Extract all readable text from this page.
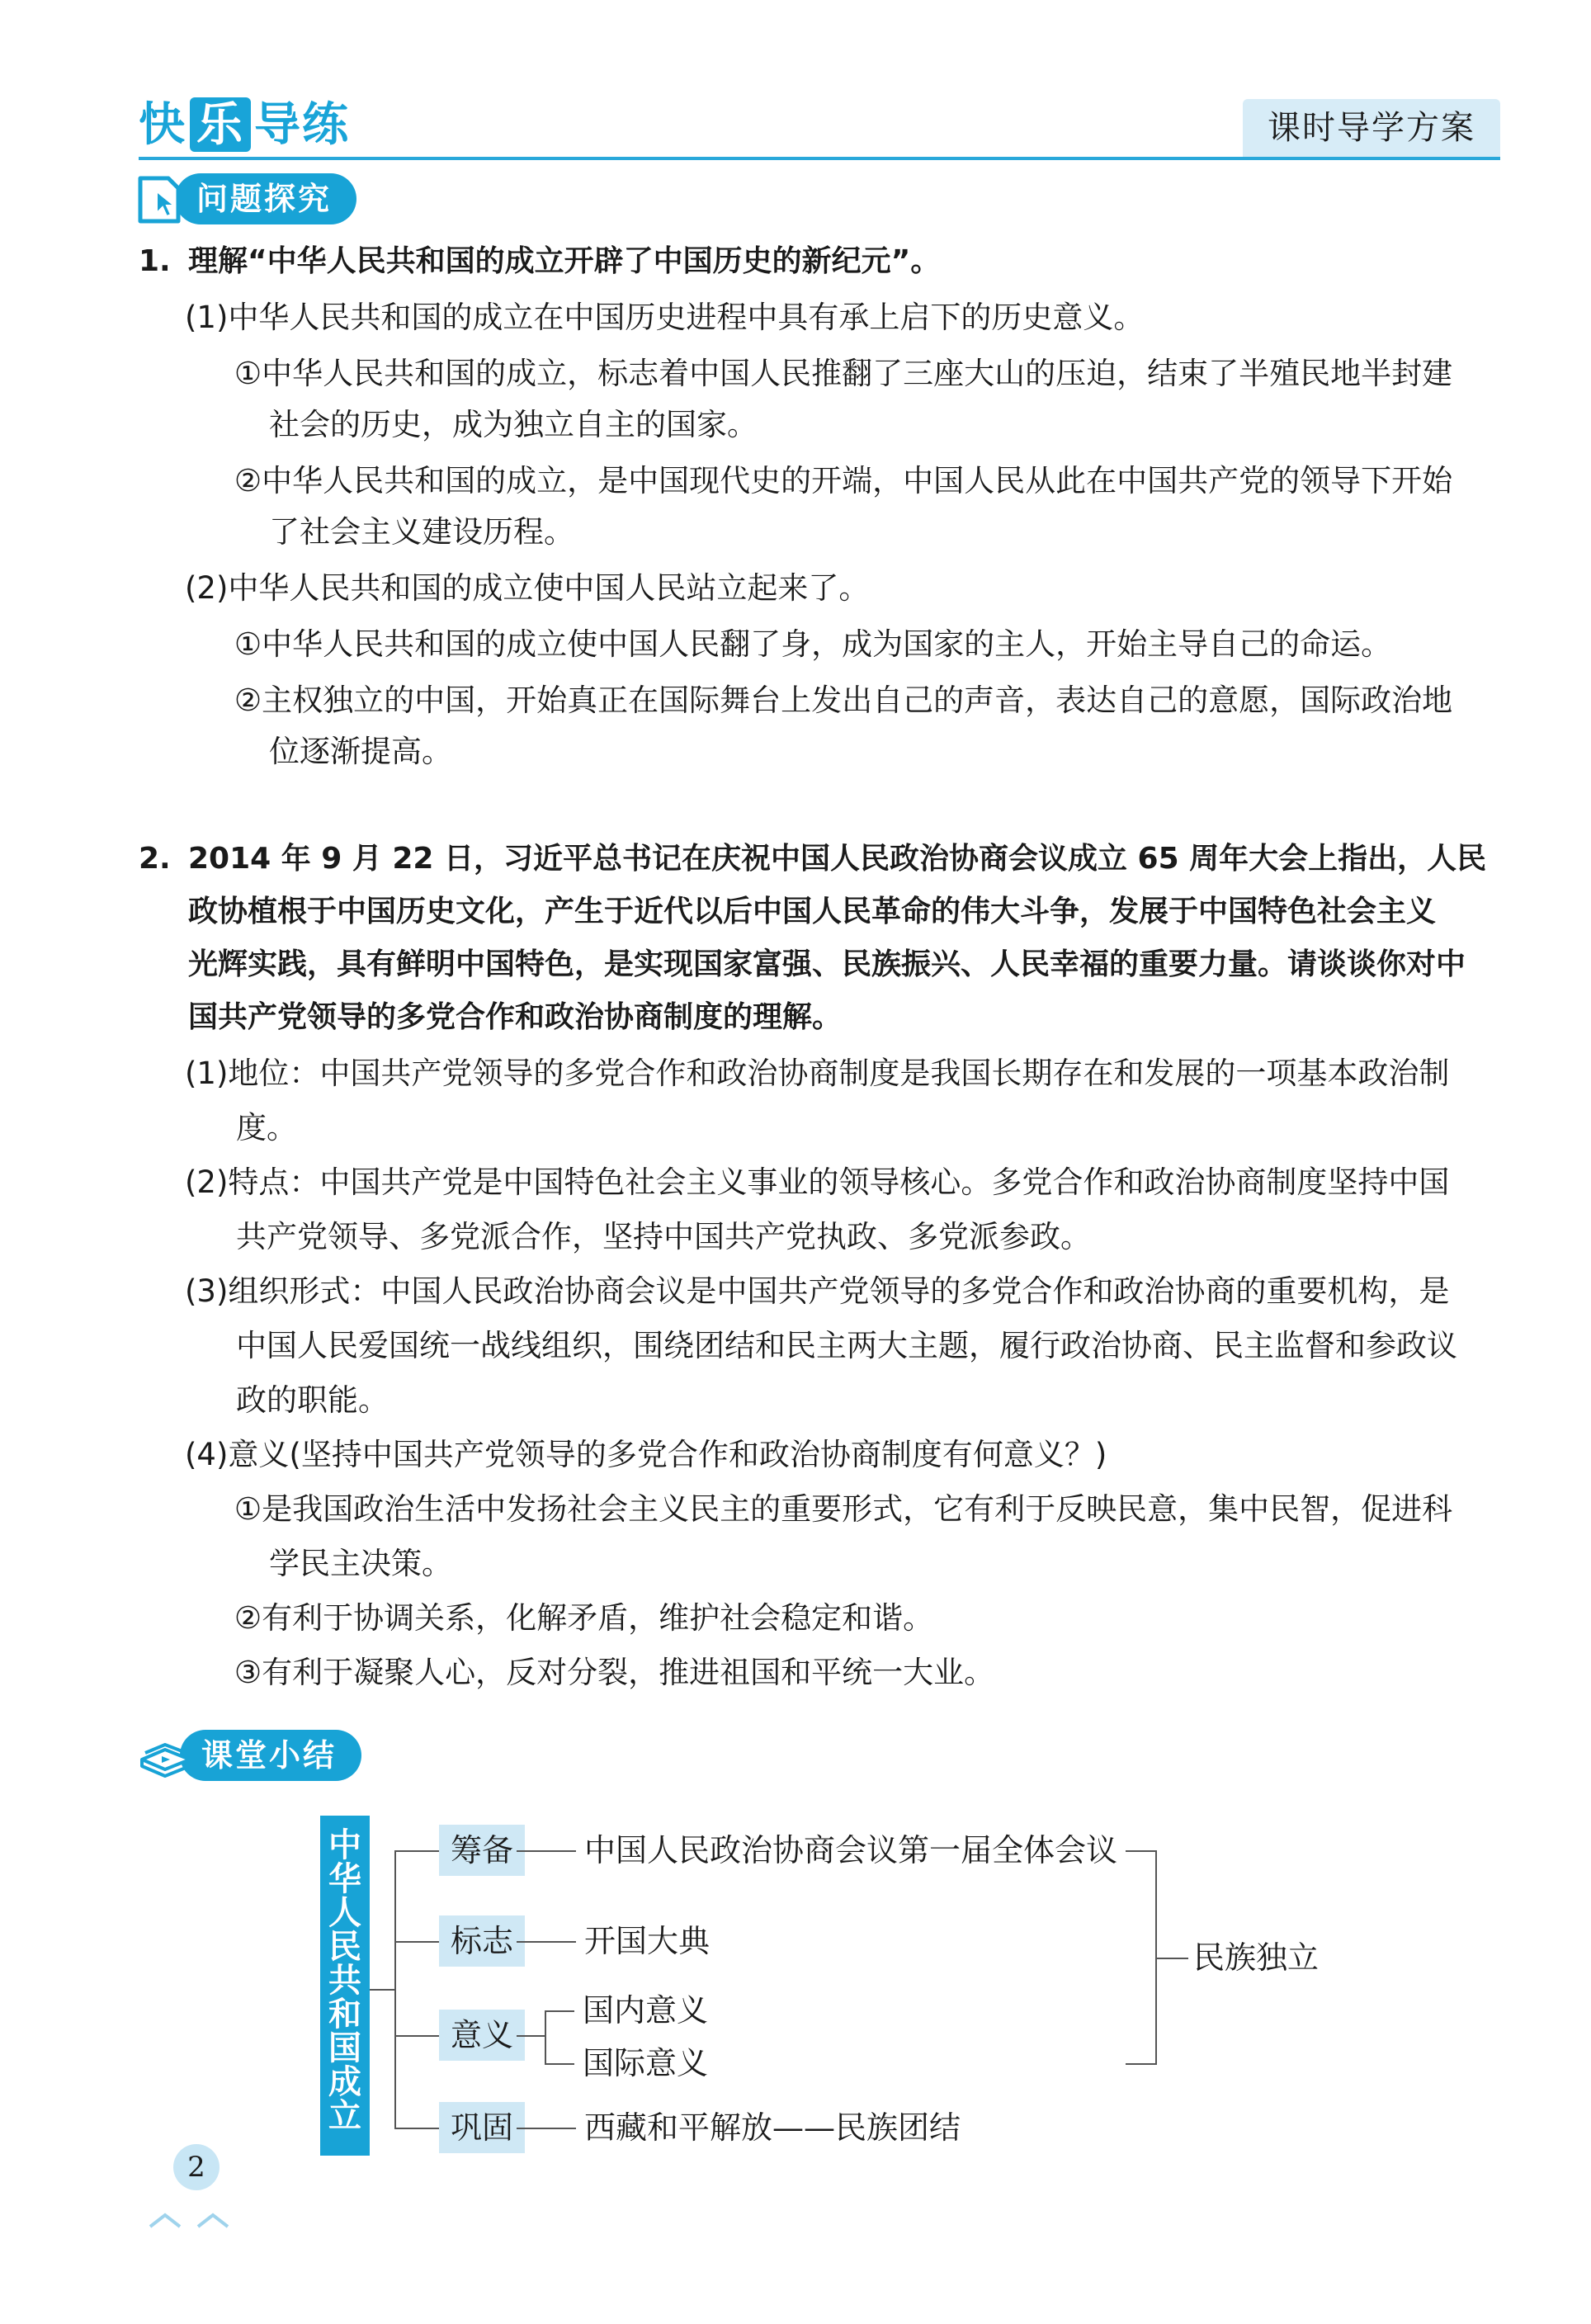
快 乐 导练	课时导学方案
问题探究
1. 理解“中华人民共和国的成立开辟了中国历史的新纪元”。
(1)中华人民共和国的成立在中国历史进程中具有承上启下的历史意义。
①中华人民共和国的成立，标志着中国人民推翻了三座大山的压迫，结束了半殖民地半封建
社会的历史，成为独立自主的国家。
②中华人民共和国的成立，是中国现代史的开端，中国人民从此在中国共产党的领导下开始
了社会主义建设历程。
(2)中华人民共和国的成立使中国人民站立起来了。
①中华人民共和国的成立使中国人民翻了身，成为国家的主人，开始主导自己的命运。
②主权独立的中国，开始真正在国际舞台上发出自己的声音，表达自己的意愿，国际政治地
位逐渐提高。
2. 2014 年 9 月 22 日，习近平总书记在庆祝中国人民政治协商会议成立 65 周年大会上指出，人民
政协植根于中国历史文化，产生于近代以后中国人民革命的伟大斗争，发展于中国特色社会主义
光辉实践，具有鲜明中国特色，是实现国家富强、民族振兴、人民幸福的重要力量。请谈谈你对中
国共产党领导的多党合作和政治协商制度的理解。
(1)地位：中国共产党领导的多党合作和政治协商制度是我国长期存在和发展的一项基本政治制
度。
(2)特点：中国共产党是中国特色社会主义事业的领导核心。多党合作和政治协商制度坚持中国
共产党领导、多党派合作，坚持中国共产党执政、多党派参政。
(3)组织形式：中国人民政治协商会议是中国共产党领导的多党合作和政治协商的重要机构，是
中国人民爱国统一战线组织，围绕团结和民主两大主题，履行政治协商、民主监督和参政议
政的职能。
(4)意义(坚持中国共产党领导的多党合作和政治协商制度有何意义？)
①是我国政治生活中发扬社会主义民主的重要形式，它有利于反映民意，集中民智，促进科
学民主决策。
②有利于协调关系，化解矛盾，维护社会稳定和谐。
③有利于凝聚人心，反对分裂，推进祖国和平统一大业。
课堂小结
中华人民共和国成立
筹备	中国人民政治协商会议第一届全体会议
标志	开国大典
意义
国内意义
国际意义
巩固	西藏和平解放——民族团结
民族独立
2
